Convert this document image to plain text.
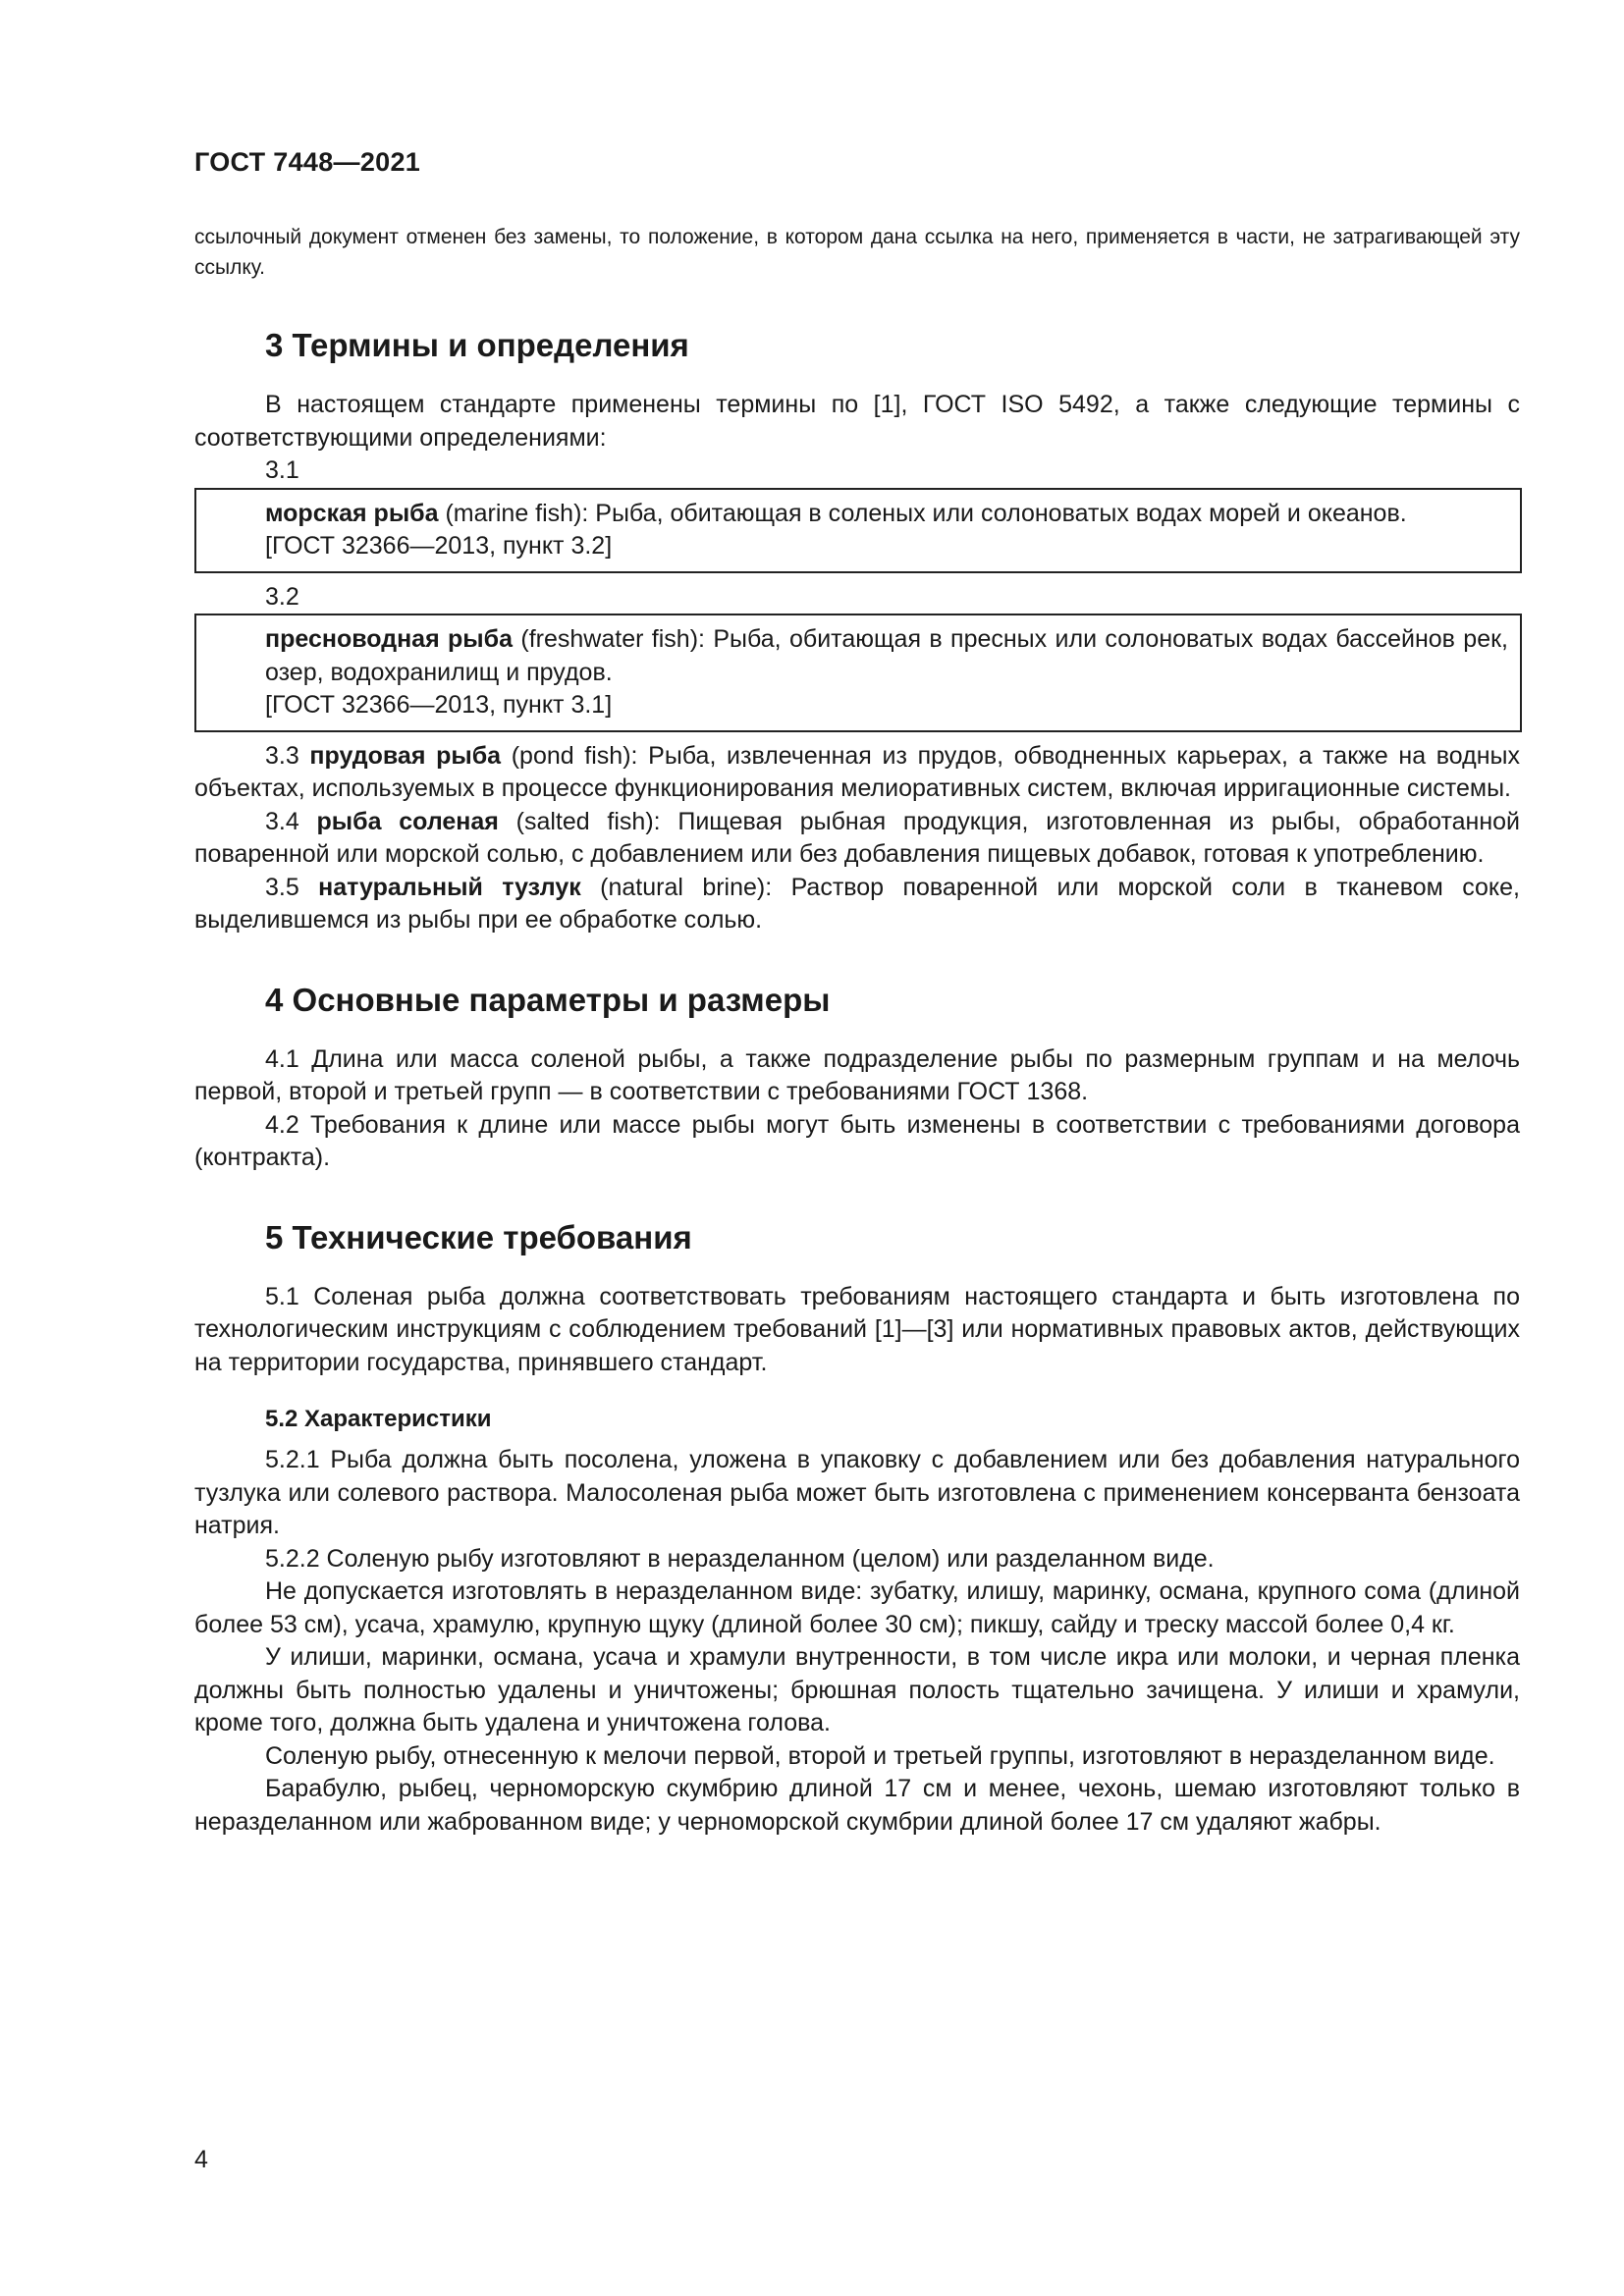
ГОСТ 7448—2021

ссылочный документ отменен без замены, то положение, в котором дана ссылка на него, применяется в части, не затрагивающей эту ссылку.

3 Термины и определения

В настоящем стандарте применены термины по [1], ГОСТ ISO 5492, а также следующие термины с соответствующими определениями:

3.1

морская рыба (marine fish): Рыба, обитающая в соленых или солоноватых водах морей и океанов.

[ГОСТ 32366—2013, пункт 3.2]

3.2

пресноводная рыба (freshwater fish): Рыба, обитающая в пресных или солоноватых водах бассейнов рек, озер, водохранилищ и прудов.

[ГОСТ 32366—2013, пункт 3.1]

3.3 прудовая рыба (pond fish): Рыба, извлеченная из прудов, обводненных карьерах, а также на водных объектах, используемых в процессе функционирования мелиоративных систем, включая ирригационные системы.

3.4 рыба соленая (salted fish): Пищевая рыбная продукция, изготовленная из рыбы, обработанной поваренной или морской солью, с добавлением или без добавления пищевых добавок, готовая к употреблению.

3.5 натуральный тузлук (natural brine): Раствор поваренной или морской соли в тканевом соке, выделившемся из рыбы при ее обработке солью.

4 Основные параметры и размеры

4.1 Длина или масса соленой рыбы, а также подразделение рыбы по размерным группам и на мелочь первой, второй и третьей групп — в соответствии с требованиями ГОСТ 1368.

4.2 Требования к длине или массе рыбы могут быть изменены в соответствии с требованиями договора (контракта).

5 Технические требования

5.1 Соленая рыба должна соответствовать требованиям настоящего стандарта и быть изготовлена по технологическим инструкциям с соблюдением требований [1]—[3] или нормативных правовых актов, действующих на территории государства, принявшего стандарт.

5.2 Характеристики

5.2.1 Рыба должна быть посолена, уложена в упаковку с добавлением или без добавления натурального тузлука или солевого раствора. Малосоленая рыба может быть изготовлена с применением консерванта бензоата натрия.

5.2.2 Соленую рыбу изготовляют в неразделанном (целом) или разделанном виде.

Не допускается изготовлять в неразделанном виде: зубатку, илишу, маринку, османа, крупного сома (длиной более 53 см), усача, храмулю, крупную щуку (длиной более 30 см); пикшу, сайду и треску массой более 0,4 кг.

У илиши, маринки, османа, усача и храмули внутренности, в том числе икра или молоки, и черная пленка должны быть полностью удалены и уничтожены; брюшная полость тщательно зачищена. У илиши и храмули, кроме того, должна быть удалена и уничтожена голова.

Соленую рыбу, отнесенную к мелочи первой, второй и третьей группы, изготовляют в неразделанном виде.

Барабулю, рыбец, черноморскую скумбрию длиной 17 см и менее, чехонь, шемаю изготовляют только в неразделанном или жаброванном виде; у черноморской скумбрии длиной более 17 см удаляют жабры.

4
